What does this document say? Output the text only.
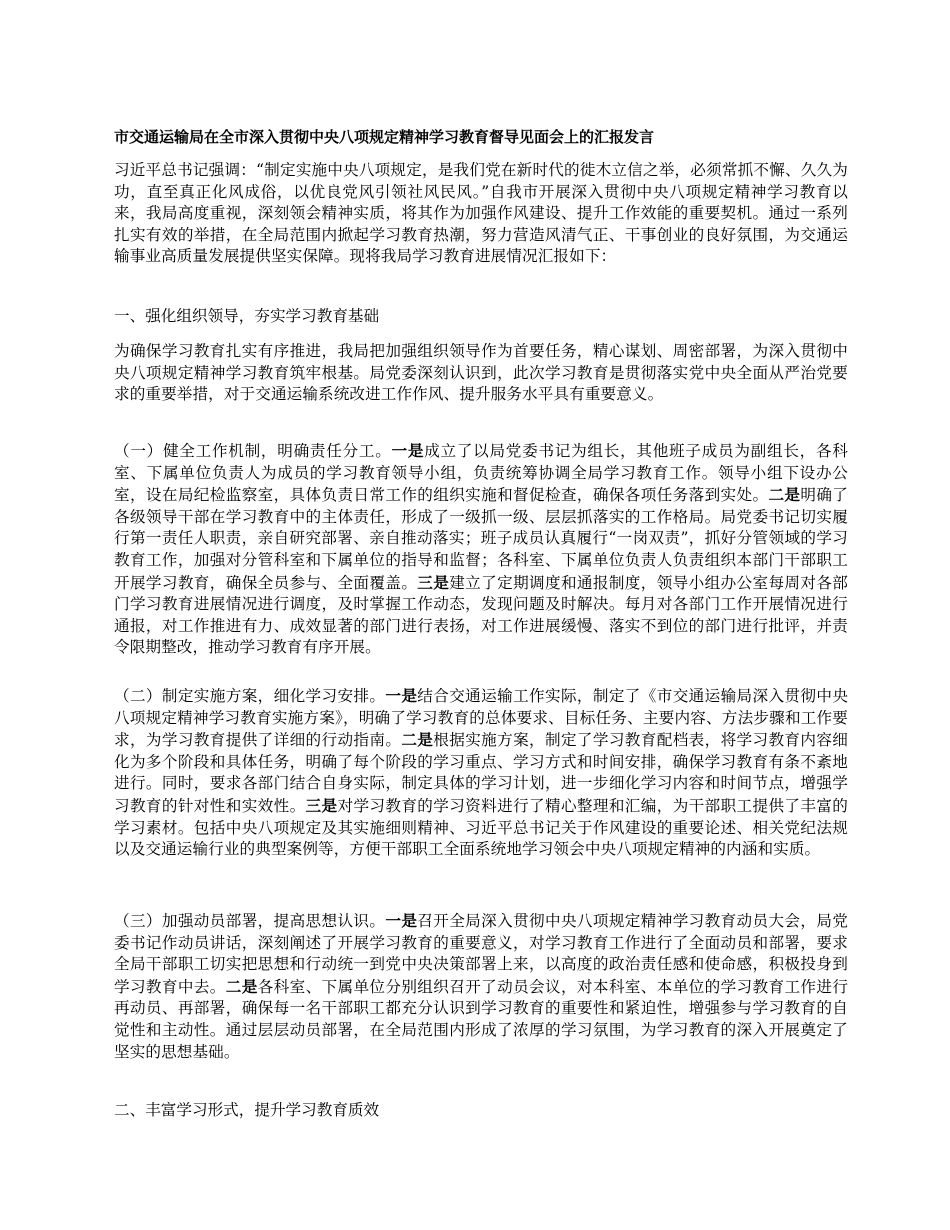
市交通运输局在全市深入贯彻中央八项规定精神学习教育督导见面会上的汇报发言
习近平总书记强调：“制定实施中央八项规定，是我们党在新时代的徙木立信之举，必须常抓不懈、久久为功，直至真正化风成俗，以优良党风引领社风民风。”自我市开展深入贯彻中央八项规定精神学习教育以来，我局高度重视，深刻领会精神实质，将其作为加强作风建设、提升工作效能的重要契机。通过一系列扎实有效的举措，在全局范围内掀起学习教育热潮，努力营造风清气正、干事创业的良好氛围，为交通运输事业高质量发展提供坚实保障。现将我局学习教育进展情况汇报如下：
一、强化组织领导，夯实学习教育基础
为确保学习教育扎实有序推进，我局把加强组织领导作为首要任务，精心谋划、周密部署，为深入贯彻中央八项规定精神学习教育筑牢根基。局党委深刻认识到，此次学习教育是贯彻落实党中央全面从严治党要求的重要举措，对于交通运输系统改进工作作风、提升服务水平具有重要意义。
（一）健全工作机制，明确责任分工。一是成立了以局党委书记为组长，其他班子成员为副组长，各科室、下属单位负责人为成员的学习教育领导小组，负责统筹协调全局学习教育工作。领导小组下设办公室，设在局纪检监察室，具体负责日常工作的组织实施和督促检查，确保各项任务落到实处。二是明确了各级领导干部在学习教育中的主体责任，形成了一级抓一级、层层抓落实的工作格局。局党委书记切实履行第一责任人职责，亲自研究部署、亲自推动落实；班子成员认真履行“一岗双责”，抓好分管领域的学习教育工作，加强对分管科室和下属单位的指导和监督；各科室、下属单位负责人负责组织本部门干部职工开展学习教育，确保全员参与、全面覆盖。三是建立了定期调度和通报制度，领导小组办公室每周对各部门学习教育进展情况进行调度，及时掌握工作动态，发现问题及时解决。每月对各部门工作开展情况进行通报，对工作推进有力、成效显著的部门进行表扬，对工作进展缓慢、落实不到位的部门进行批评，并责令限期整改，推动学习教育有序开展。
（二）制定实施方案，细化学习安排。一是结合交通运输工作实际，制定了《市交通运输局深入贯彻中央八项规定精神学习教育实施方案》，明确了学习教育的总体要求、目标任务、主要内容、方法步骤和工作要求，为学习教育提供了详细的行动指南。二是根据实施方案，制定了学习教育配档表，将学习教育内容细化为多个阶段和具体任务，明确了每个阶段的学习重点、学习方式和时间安排，确保学习教育有条不紊地进行。同时，要求各部门结合自身实际，制定具体的学习计划，进一步细化学习内容和时间节点，增强学习教育的针对性和实效性。三是对学习教育的学习资料进行了精心整理和汇编，为干部职工提供了丰富的学习素材。包括中央八项规定及其实施细则精神、习近平总书记关于作风建设的重要论述、相关党纪法规以及交通运输行业的典型案例等，方便干部职工全面系统地学习领会中央八项规定精神的内涵和实质。
（三）加强动员部署，提高思想认识。一是召开全局深入贯彻中央八项规定精神学习教育动员大会，局党委书记作动员讲话，深刻阐述了开展学习教育的重要意义，对学习教育工作进行了全面动员和部署，要求全局干部职工切实把思想和行动统一到党中央决策部署上来，以高度的政治责任感和使命感，积极投身到学习教育中去。二是各科室、下属单位分别组织召开了动员会议，对本科室、本单位的学习教育工作进行再动员、再部署，确保每一名干部职工都充分认识到学习教育的重要性和紧迫性，增强参与学习教育的自觉性和主动性。通过层层动员部署，在全局范围内形成了浓厚的学习氛围，为学习教育的深入开展奠定了坚实的思想基础。
二、丰富学习形式，提升学习教育质效
